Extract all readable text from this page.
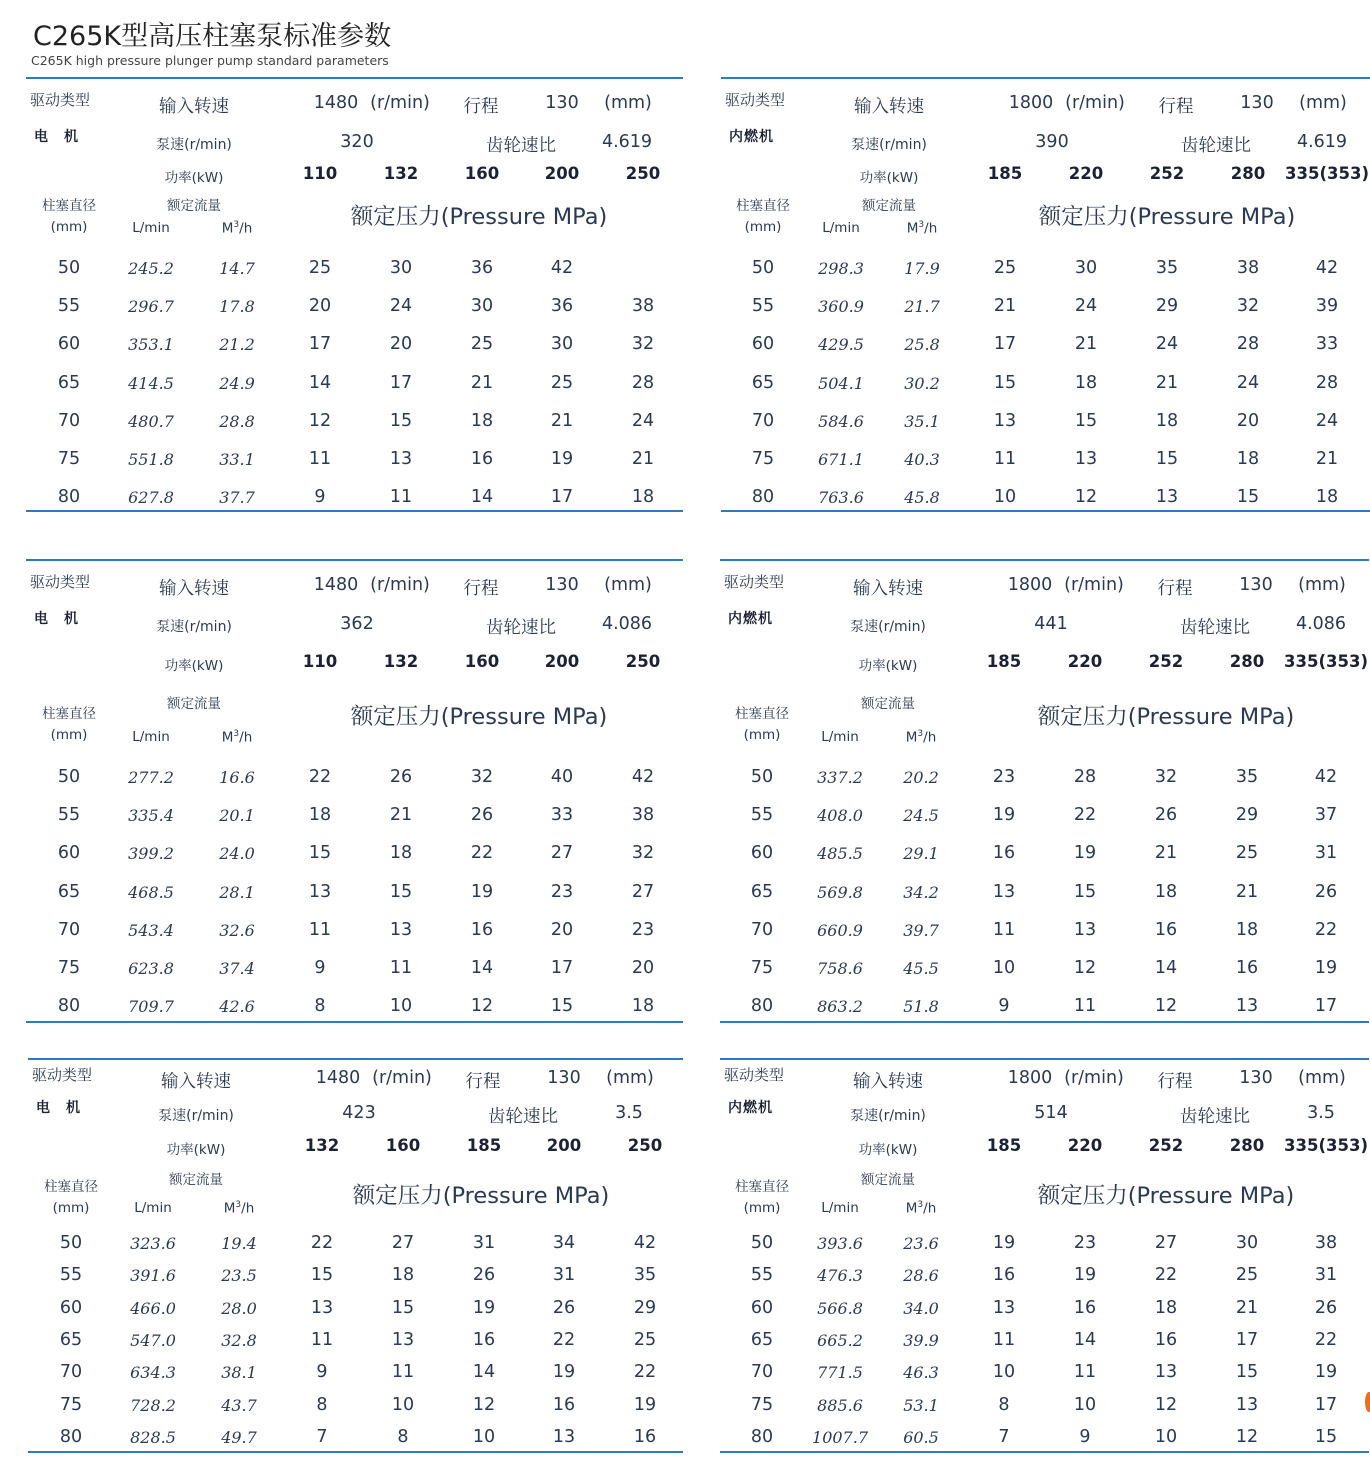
C265K型高压柱塞泵标准参数
C265K high pressure plunger pump standard parameters
驱动类型	输入转速	1480 (r/min) 行程	130 (mm)
电　机	泵速(r/min)	320	齿轮速比	4.619
功率(kW)	110	132	160	200	250
柱塞直径
(mm)
额定流量
L/min	$M^3/h$	额定压力(Pressure MPa)
50	245.2	14.7	25	30	36	42
55	296.7	17.8	20	24	30	36	38
60	353.1	21.2	17	20	25	30	32
65	414.5	24.9	14	17	21	25	28
70	480.7	28.8	12	15	18	21	24
75	551.8	33.1	11	13	16	19	21
80	627.8	37.7	9	11	14	17	18
驱动类型	输入转速	1800 (r/min) 行程	130 (mm)
内燃机	泵速(r/min)	390	齿轮速比	4.619
功率(kW)	185	220	252	280 335(353)
柱塞直径
(mm)
额定流量
L/min	$M^3/h$	额定压力(Pressure MPa)
50	298.3	17.9	25	30	35	38	42
55	360.9	21.7	21	24	29	32	39
60	429.5	25.8	17	21	24	28	33
65	504.1	30.2	15	18	21	24	28
70	584.6	35.1	13	15	18	20	24
75	671.1	40.3	11	13	15	18	21
80	763.6	45.8	10	12	13	15	18
驱动类型	输入转速	1480 (r/min) 行程	130 (mm)
电　机	泵速(r/min)	362	齿轮速比	4.086
功率(kW)	110	132	160	200	250
柱塞直径
(mm)
额定流量
L/min	$M^3/h$
额定压力(Pressure MPa)
50	277.2	16.6	22	26	32	40	42
55	335.4	20.1	18	21	26	33	38
60	399.2	24.0	15	18	22	27	32
65	468.5	28.1	13	15	19	23	27
70	543.4	32.6	11	13	16	20	23
75	623.8	37.4	9	11	14	17	20
80	709.7	42.6	8	10	12	15	18
驱动类型	输入转速	1800 (r/min) 行程	130 (mm)
内燃机	泵速(r/min)	441	齿轮速比	4.086
功率(kW)	185	220	252	280 335(353)
柱塞直径
(mm)
额定流量
L/min	$M^3/h$
额定压力(Pressure MPa)
50	337.2	20.2	23	28	32	35	42
55	408.0	24.5	19	22	26	29	37
60	485.5	29.1	16	19	21	25	31
65	569.8	34.2	13	15	18	21	26
70	660.9	39.7	11	13	16	18	22
75	758.6	45.5	10	12	14	16	19
80	863.2	51.8	9	11	12	13	17
驱动类型	输入转速	1480 (r/min) 行程	130 (mm)
电　机	泵速(r/min)	423	齿轮速比	3.5
功率(kW)	132	160	185	200	250
柱塞直径
(mm)
额定流量
L/min	$M^3/h$	额定压力(Pressure MPa)
50	323.6	19.4	22	27	31	34	42
55	391.6	23.5	15	18	26	31	35
60	466.0	28.0	13	15	19	26	29
65	547.0	32.8	11	13	16	22	25
70	634.3	38.1	9	11	14	19	22
75	728.2	43.7	8	10	12	16	19
80	828.5	49.7	7	8	10	13	16
驱动类型	输入转速	1800 (r/min) 行程	130 (mm)
内燃机	泵速(r/min)	514	齿轮速比	3.5
功率(kW)	185	220	252	280 335(353)
柱塞直径
(mm)
额定流量
L/min	$M^3/h$	额定压力(Pressure MPa)
50	393.6	23.6	19	23	27	30	38
55	476.3	28.6	16	19	22	25	31
60	566.8	34.0	13	16	18	21	26
65	665.2	39.9	11	14	16	17	22
70	771.5	46.3	10	11	13	15	19
75	885.6	53.1	8	10	12	13	17
80 1007.7 60.5	7	9	10	12	15
